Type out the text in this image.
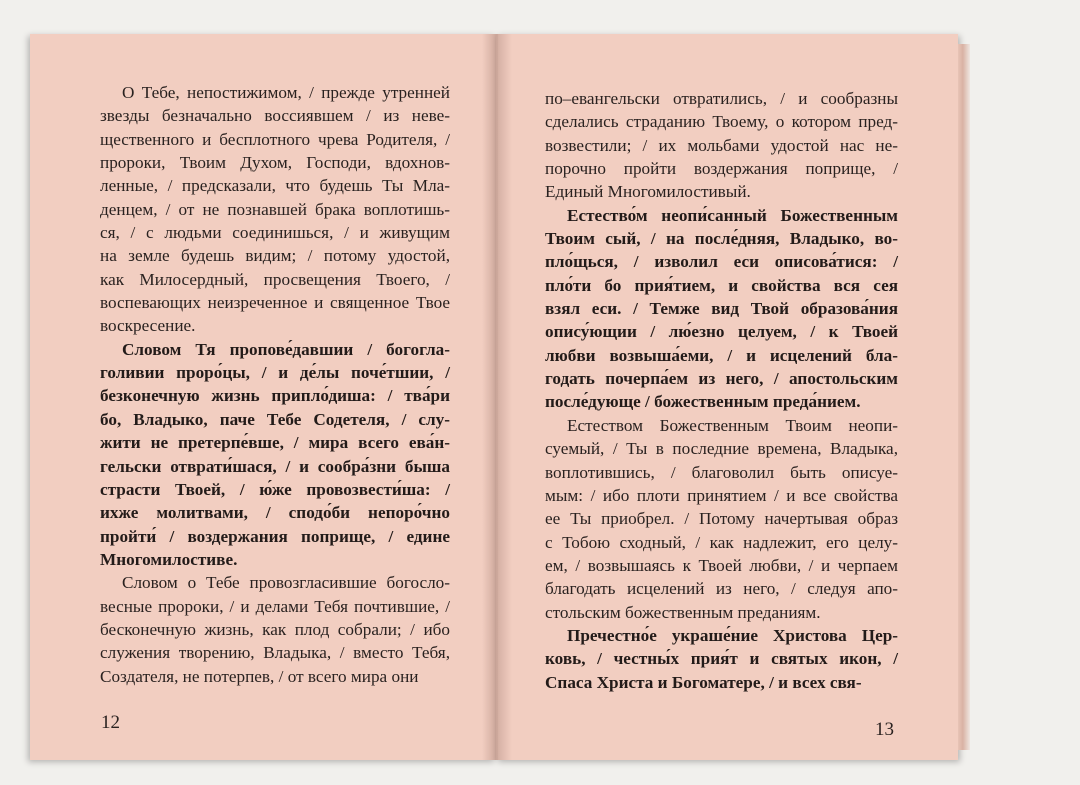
О Тебе, непостижимом, / прежде утренней
звезды безначально воссиявшем / из неве-
щественного и бесплотного чрева Родителя, /
пророки, Твоим Духом, Господи, вдохнов-
ленные, / предсказали, что будешь Ты Мла-
денцем, / от не познавшей брака воплотишь-
ся, / с людьми соединишься, / и живущим
на земле будешь видим; / потому удостой,
как Милосердный, просвещения Твоего, /
воспевающих неизреченное и священное Твое
воскресение.
Словом Тя пропове́давшии / богогла-
голивии проро́цы, / и де́лы поче́тшии, /
безконечную жизнь припло́диша: / тва́ри
бо, Владыко, паче Тебе Содетеля, / слу-
жити не претерпе́вше, / мира всего ева́н-
гельски отврати́шася, / и сообра́зни быша
страсти Твоей, / ю́же провозвести́ша: /
ихже молитвами, / сподо́би непоро́чно
пройти́ / воздержания поприще, / едине
Многомилостиве.
Словом о Тебе провозгласившие богосло-
весные пророки, / и делами Тебя почтившие, /
бесконечную жизнь, как плод собрали; / ибо
служения творению, Владыка, / вместо Тебя,
Создателя, не потерпев, / от всего мира они
по–евангельски отвратились, / и сообразны
сделались страданию Твоему, о котором пред-
возвестили; / их мольбами удостой нас не-
порочно пройти воздержания поприще, /
Единый Многомилостивый.
Естество́м неопи́санный Божественным
Твоим сый, / на после́дняя, Владыко, во-
пло́щься, / изволил еси описова́тися: /
пло́ти бо прия́тием, и свойства вся сея
взял еси. / Темже вид Твой образова́ния
опису́ющии / лю́езно целуем, / к Твоей
любви возвыша́еми, / и исцелений бла-
годать почерпа́ем из него, / апостольским
после́дующе / божественным преда́нием.
Естеством Божественным Твоим неопи-
суемый, / Ты в последние времена, Владыка,
воплотившись, / благоволил быть описуе-
мым: / ибо плоти принятием / и все свойства
ее Ты приобрел. / Потому начертывая образ
с Тобою сходный, / как надлежит, его целу-
ем, / возвышаясь к Твоей любви, / и черпаем
благодать исцелений из него, / следуя апо-
стольским божественным преданиям.
Пречестно́е украше́ние Христова Цер-
ковь, / честны́х прия́т и святых икон, /
Спаса Христа и Богоматере, / и всех свя-
12	13
